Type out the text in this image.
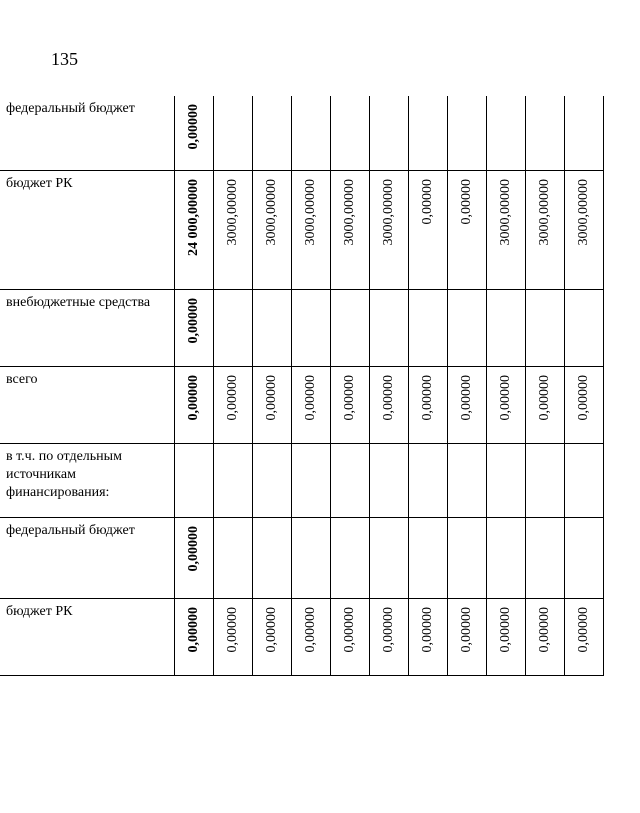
135
федеральный бюджет	0,00000										

бюджет РК	24 000,00000	3000,00000	3000,00000	3000,00000	3000,00000	3000,00000	0,00000	0,00000	3000,00000	3000,00000	3000,00000

внебюджетные средства	0,00000										

всего	0,00000	0,00000	0,00000	0,00000	0,00000	0,00000	0,00000	0,00000	0,00000	0,00000	0,00000

в т.ч. по отдельным источникам финансирования:	

федеральный бюджет	0,00000										

бюджет РК	0,00000	0,00000	0,00000	0,00000	0,00000	0,00000	0,00000	0,00000	0,00000	0,00000	0,00000
